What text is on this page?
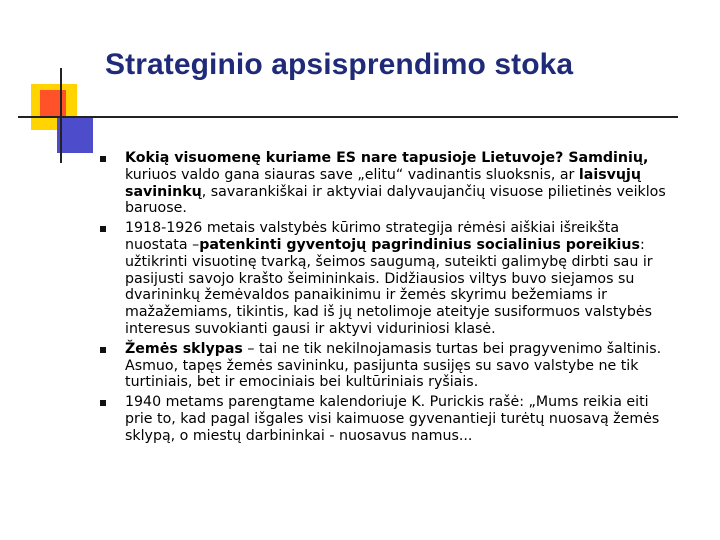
Strateginio apsisprendimo stoka
Kokią visuomenę kuriame ES nare tapusioje Lietuvoje? Samdinių, kuriuos valdo gana siauras save „elitu“ vadinantis sluoksnis, ar laisvųjų savininkų, savarankiškai ir aktyviai dalyvaujančių visuose pilietinės veiklos baruose.
1918-1926 metais valstybės kūrimo strategija rėmėsi aiškiai išreikšta nuostata –patenkinti gyventojų pagrindinius socialinius poreikius: užtikrinti visuotinę tvarką, šeimos saugumą, suteikti galimybę dirbti sau ir pasijusti savojo krašto šeimininkais. Didžiausios viltys buvo siejamos su dvarininkų žemėvaldos panaikinimu ir žemės skyrimu bežemiams ir mažažemiams, tikintis, kad iš jų netolimoje ateityje susiformuos valstybės interesus suvokianti gausi ir aktyvi viduriniosi klasė.
Žemės sklypas – tai ne tik nekilnojamasis turtas bei pragyvenimo šaltinis. Asmuo, tapęs žemės savininku, pasijunta susijęs su savo valstybe ne tik turtiniais, bet ir emociniais bei kultūriniais ryšiais.
1940 metams parengtame kalendoriuje K. Purickis rašė: „Mums reikia eiti prie to, kad pagal išgales visi kaimuose gyvenantieji turėtų nuosavą žemės sklypą, o miestų darbininkai - nuosavus namus...
